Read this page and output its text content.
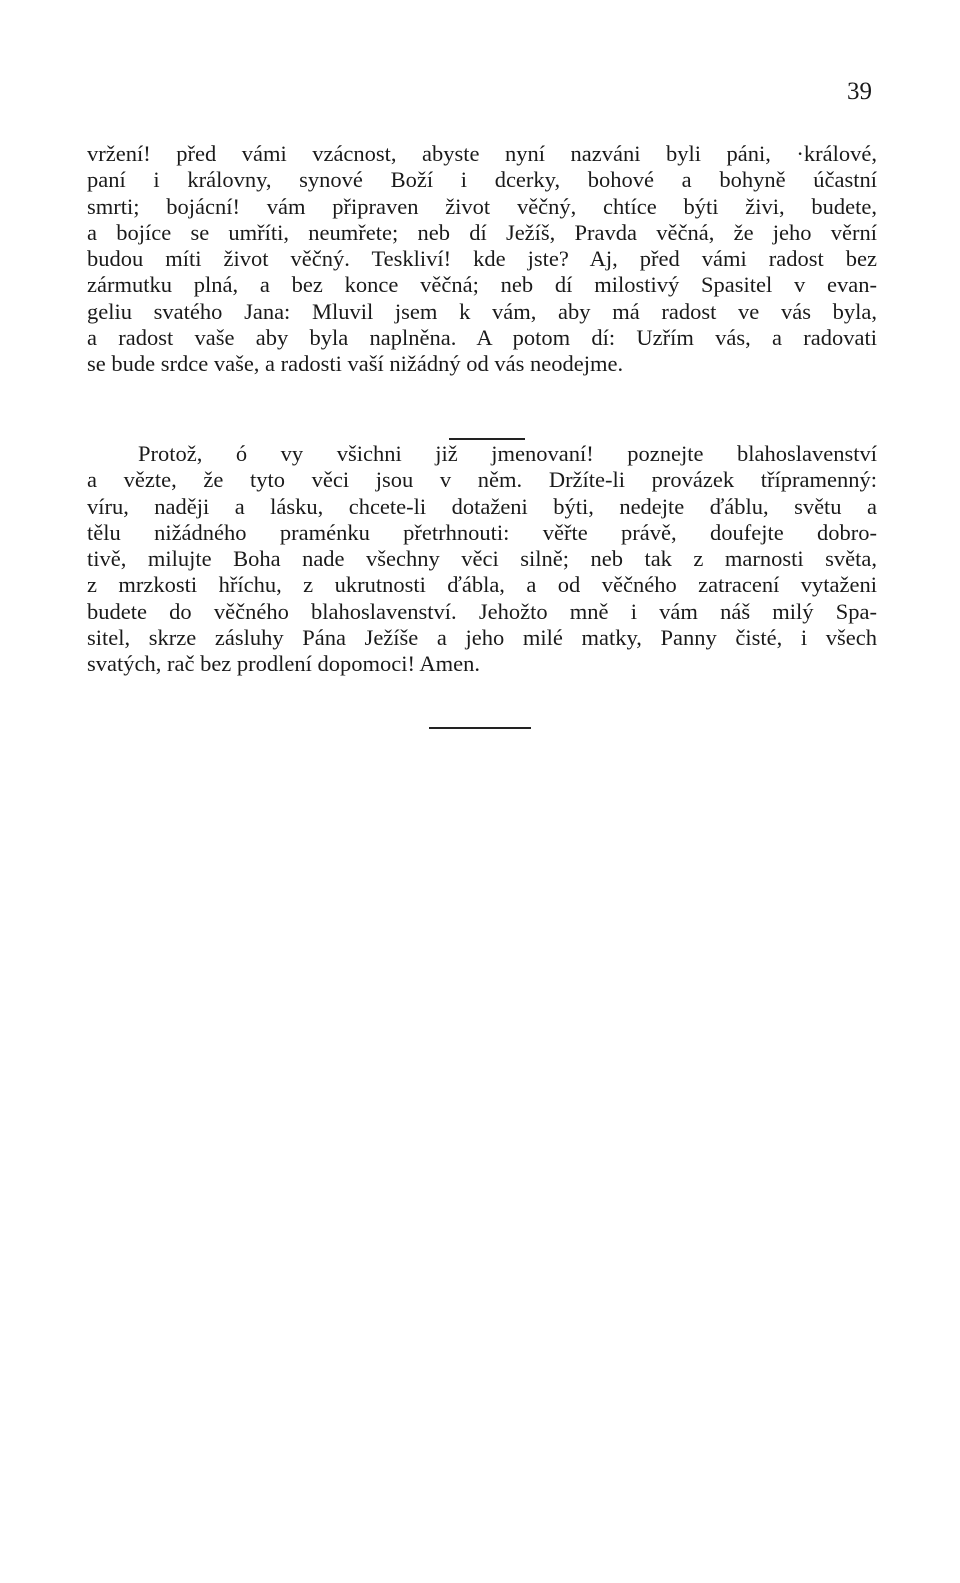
39
vržení! před vámi vzácnost, abyste nyní nazváni byli páni, ·králové,
paní i královny, synové Boží i dcerky, bohové a bohyně účastní
smrti; bojácní! vám připraven život věčný, chtíce býti živi, budete,
a bojíce se umříti, neumřete; neb dí Ježíš, Pravda věčná, že jeho věrní
budou míti život věčný. Teskliví! kde jste? Aj, před vámi radost bez
zármutku plná, a bez konce věčná; neb dí milostivý Spasitel v evan-
geliu svatého Jana: Mluvil jsem k vám, aby má radost ve vás byla,
a radost vaše aby byla naplněna. A potom dí: Uzřím vás, a radovati
se bude srdce vaše, a radosti vaší nižádný od vás neodejme.
Protož, ó vy všichni již jmenovaní! poznejte blahoslavenství
a vězte, že tyto věci jsou v něm. Držíte-li provázek třípramenný:
víru, naději a lásku, chcete-li dotaženi býti, nedejte ďáblu, světu a
tělu nižádného praménku přetrhnouti: věřte právě, doufejte dobro-
tivě, milujte Boha nade všechny věci silně; neb tak z marnosti světa,
z mrzkosti hříchu, z ukrutnosti ďábla, a od věčného zatracení vytaženi
budete do věčného blahoslavenství. Jehožto mně i vám náš milý Spa-
sitel, skrze zásluhy Pána Ježíše a jeho milé matky, Panny čisté, i všech
svatých, rač bez prodlení dopomoci! Amen.
